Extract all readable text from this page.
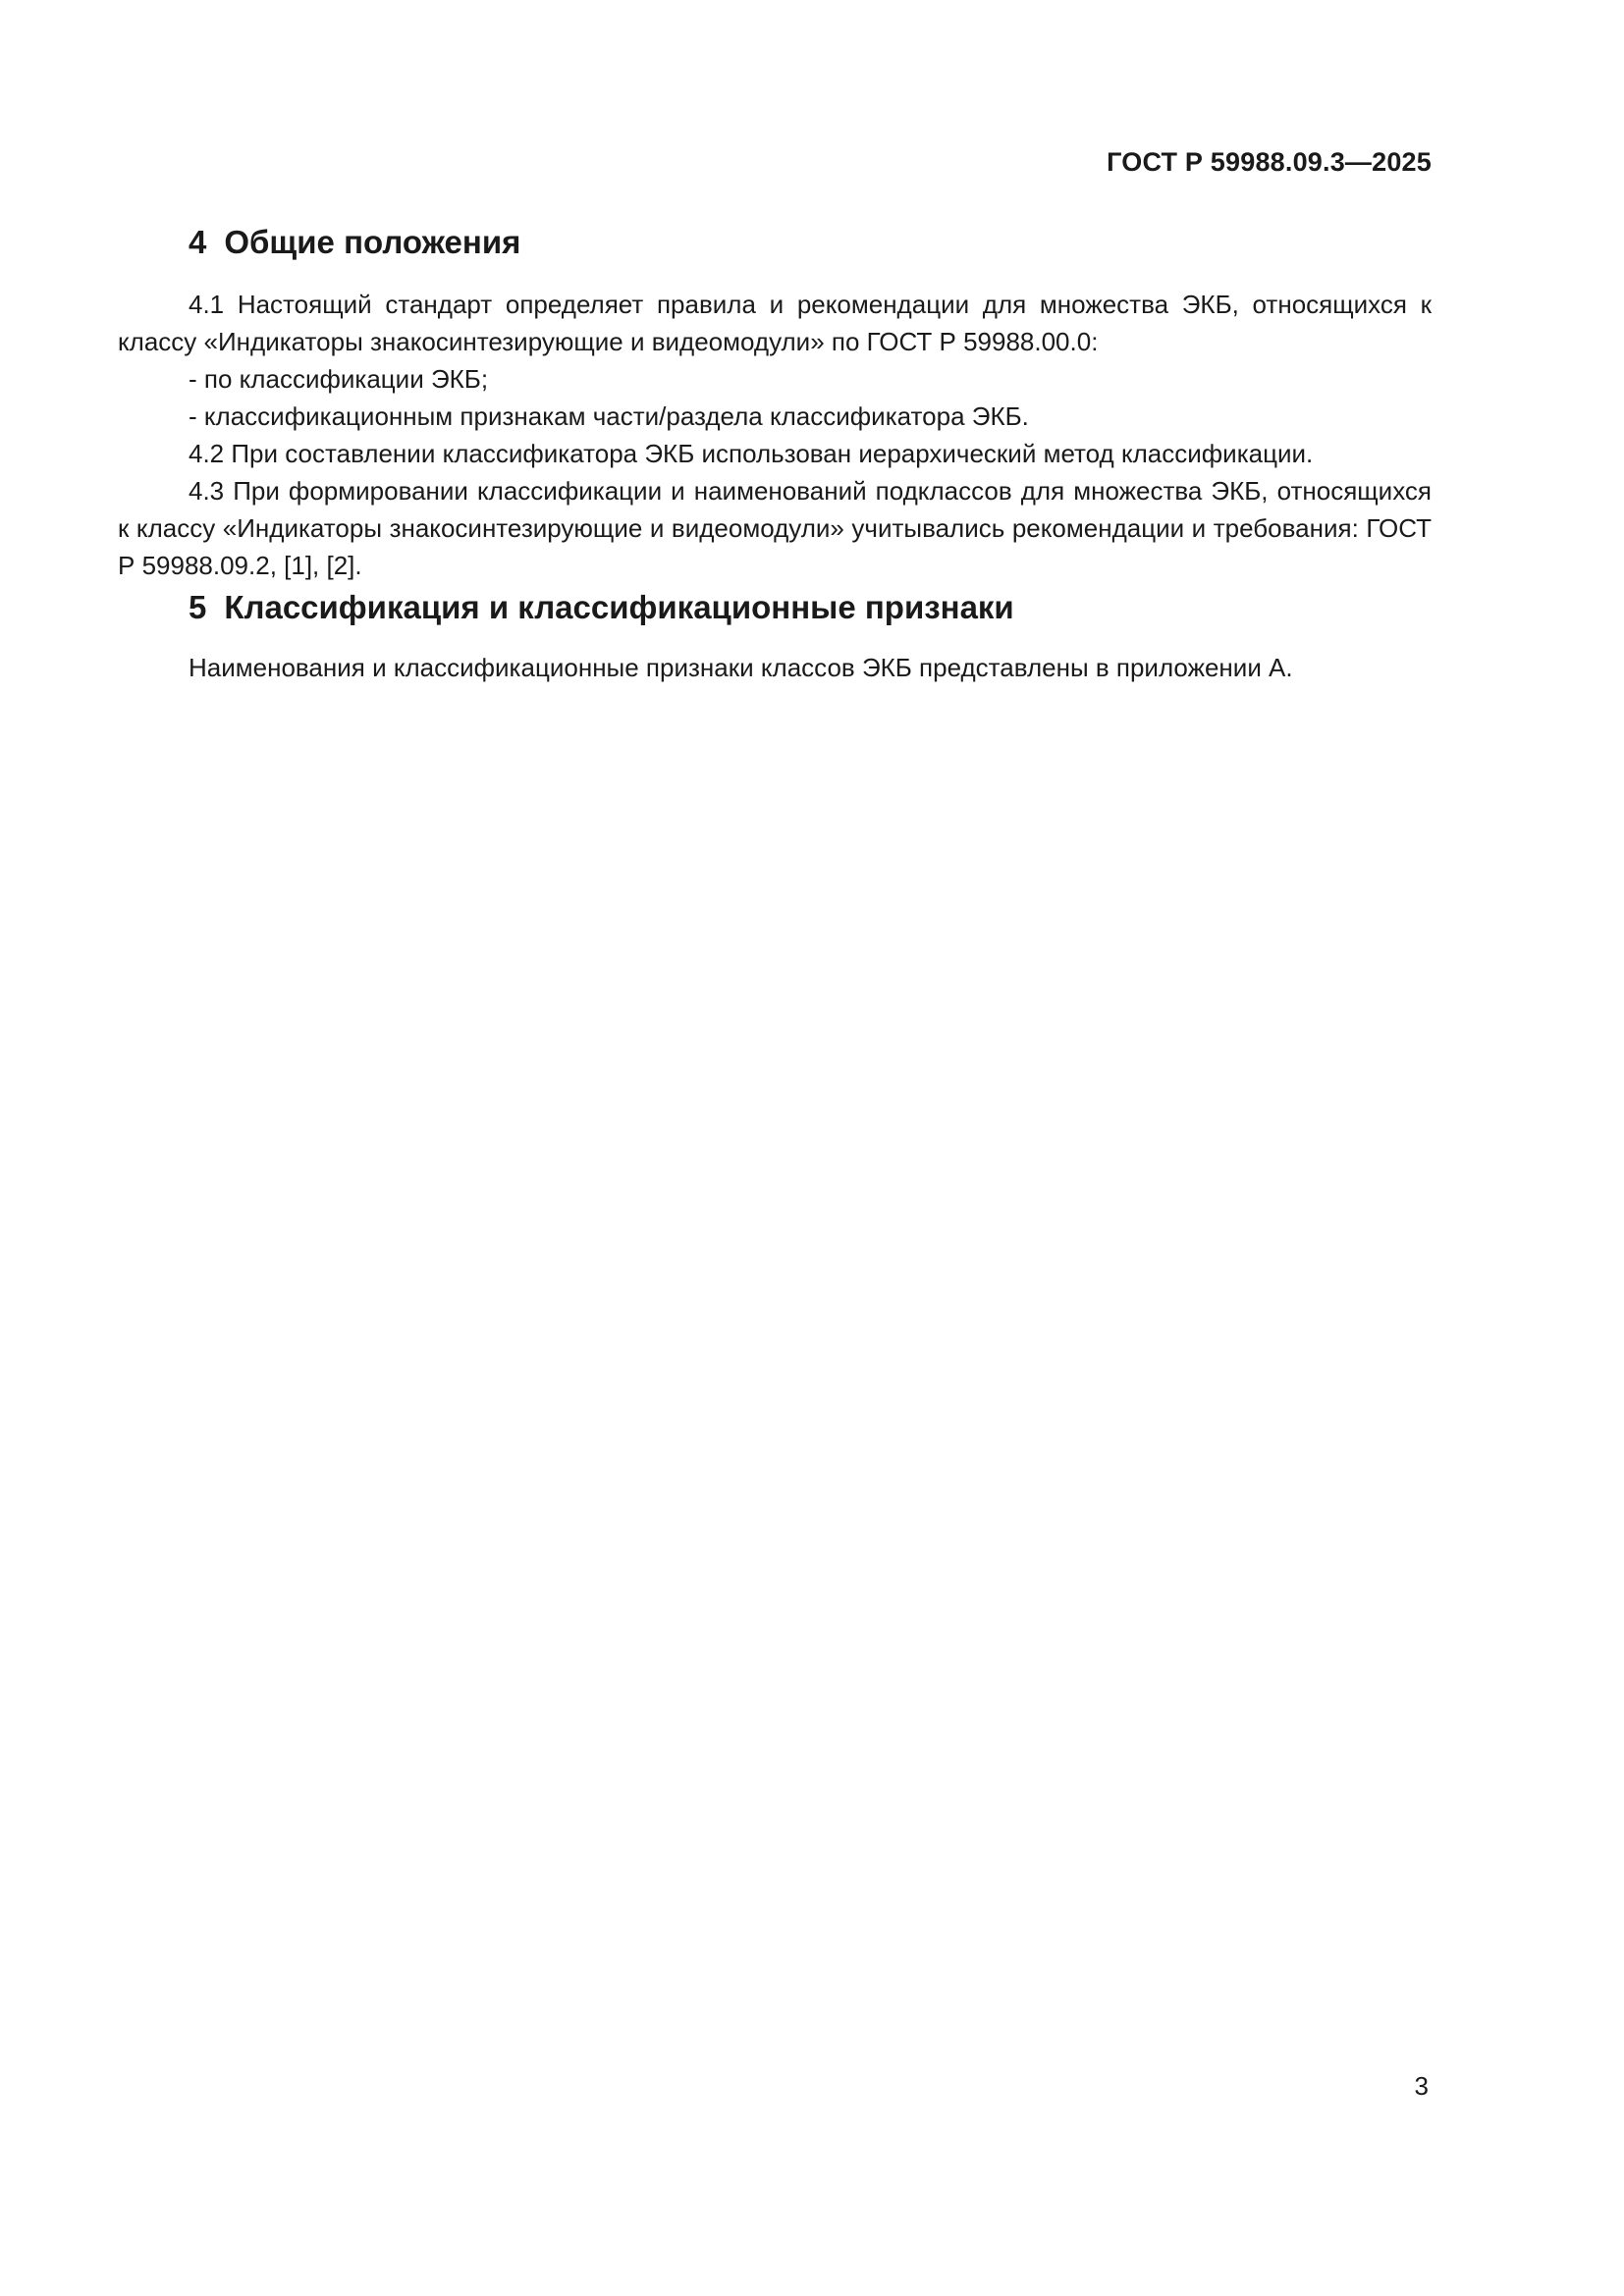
ГОСТ Р 59988.09.3—2025
4 Общие положения

4.1 Настоящий стандарт определяет правила и рекомендации для множества ЭКБ, относящихся к классу «Индикаторы знакосинтезирующие и видеомодули» по ГОСТ Р 59988.00.0:

- по классификации ЭКБ;

- классификационным признакам части/раздела классификатора ЭКБ.

4.2 При составлении классификатора ЭКБ использован иерархический метод классификации.

4.3 При формировании классификации и наименований подклассов для множества ЭКБ, относящихся к классу «Индикаторы знакосинтезирующие и видеомодули» учитывались рекомендации и требования: ГОСТ Р 59988.09.2, [1], [2].

5 Классификация и классификационные признаки

Наименования и классификационные признаки классов ЭКБ представлены в приложении А.

3
